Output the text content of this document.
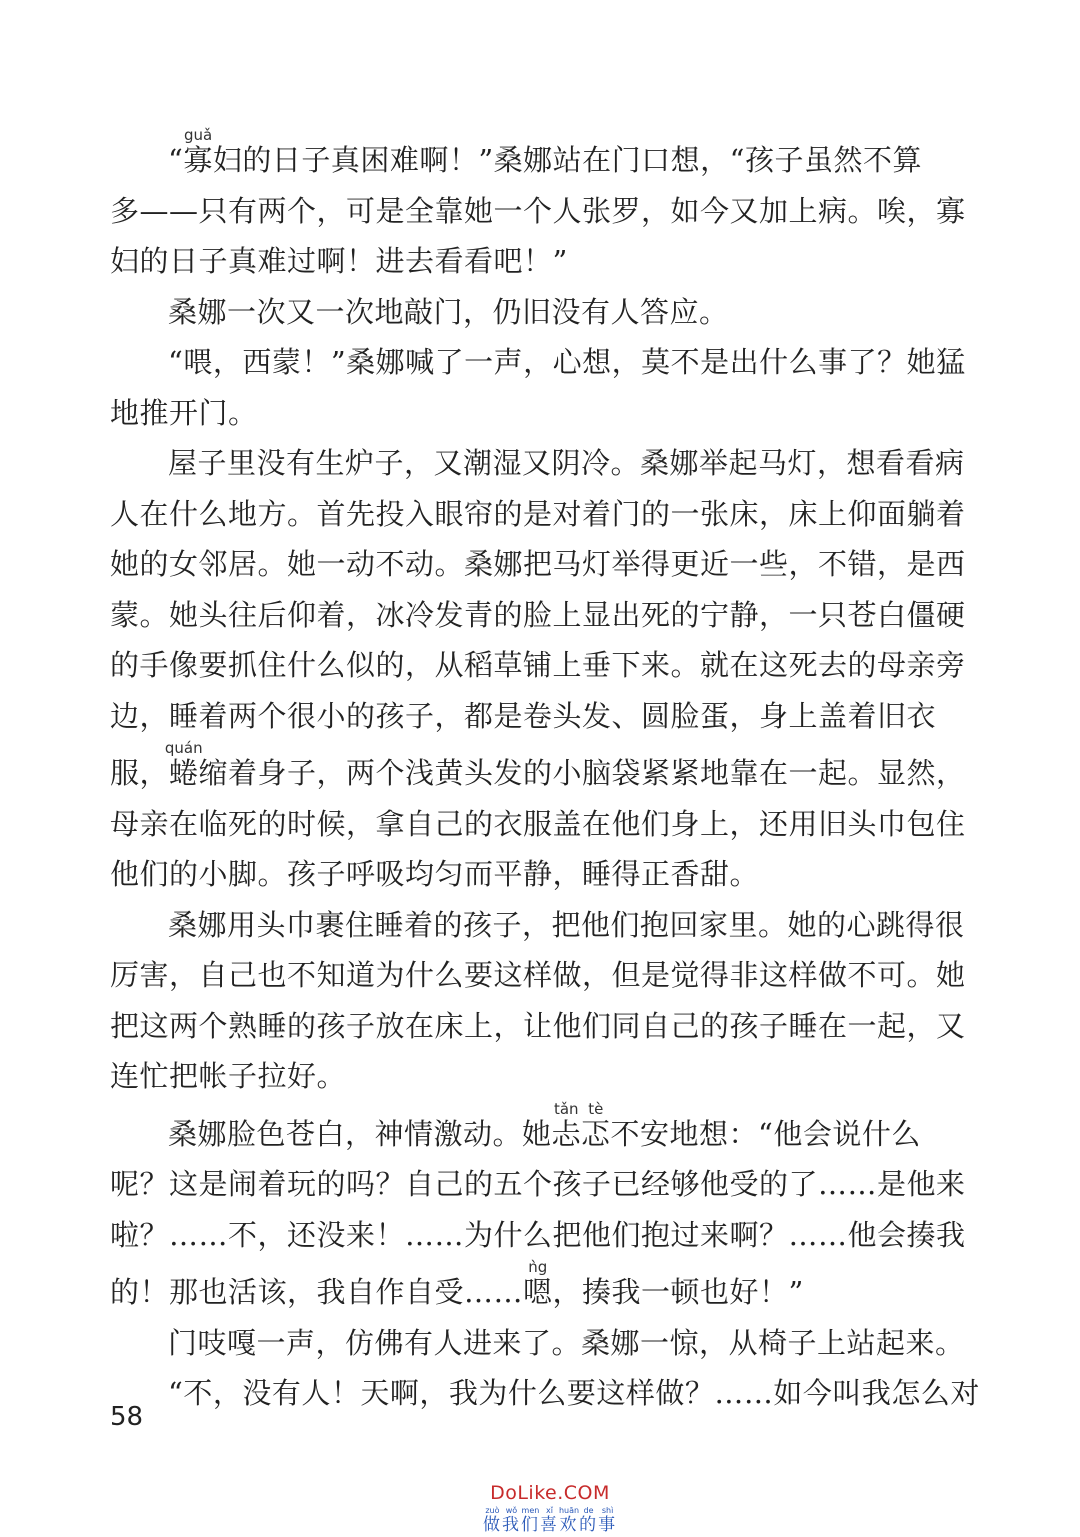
“寡guǎ妇的日子真困难啊！”桑娜站在门口想，“孩子虽然不算
多——只有两个，可是全靠她一个人张罗，如今又加上病。唉，寡
妇的日子真难过啊！进去看看吧！”

桑娜一次又一次地敲门，仍旧没有人答应。

“喂，西蒙！”桑娜喊了一声，心想，莫不是出什么事了？她猛
地推开门。

屋子里没有生炉子，又潮湿又阴冷。桑娜举起马灯，想看看病
人在什么地方。首先投入眼帘的是对着门的一张床，床上仰面躺着
她的女邻居。她一动不动。桑娜把马灯举得更近一些，不错，是西
蒙。她头往后仰着，冰冷发青的脸上显出死的宁静，一只苍白僵硬
的手像要抓住什么似的，从稻草铺上垂下来。就在这死去的母亲旁
边，睡着两个很小的孩子，都是卷头发、圆脸蛋，身上盖着旧衣
服，蜷quán缩着身子，两个浅黄头发的小脑袋紧紧地靠在一起。显然，
母亲在临死的时候，拿自己的衣服盖在他们身上，还用旧头巾包住
他们的小脚。孩子呼吸均匀而平静，睡得正香甜。

桑娜用头巾裹住睡着的孩子，把他们抱回家里。她的心跳得很
厉害，自己也不知道为什么要这样做，但是觉得非这样做不可。她
把这两个熟睡的孩子放在床上，让他们同自己的孩子睡在一起，又
连忙把帐子拉好。

桑娜脸色苍白，神情激动。她忐tǎn忑tè不安地想：“他会说什么
呢？这是闹着玩的吗？自己的五个孩子已经够他受的了……是他来
啦？……不，还没来！……为什么把他们抱过来啊？……他会揍我
的！那也活该，我自作自受……嗯ǹg，揍我一顿也好！”

门吱嘎一声，仿佛有人进来了。桑娜一惊，从椅子上站起来。

“不，没有人！天啊，我为什么要这样做？……如今叫我怎么对

58
DoLike.COM
做zuò我wǒ们men喜xǐ欢huān的de事shì
